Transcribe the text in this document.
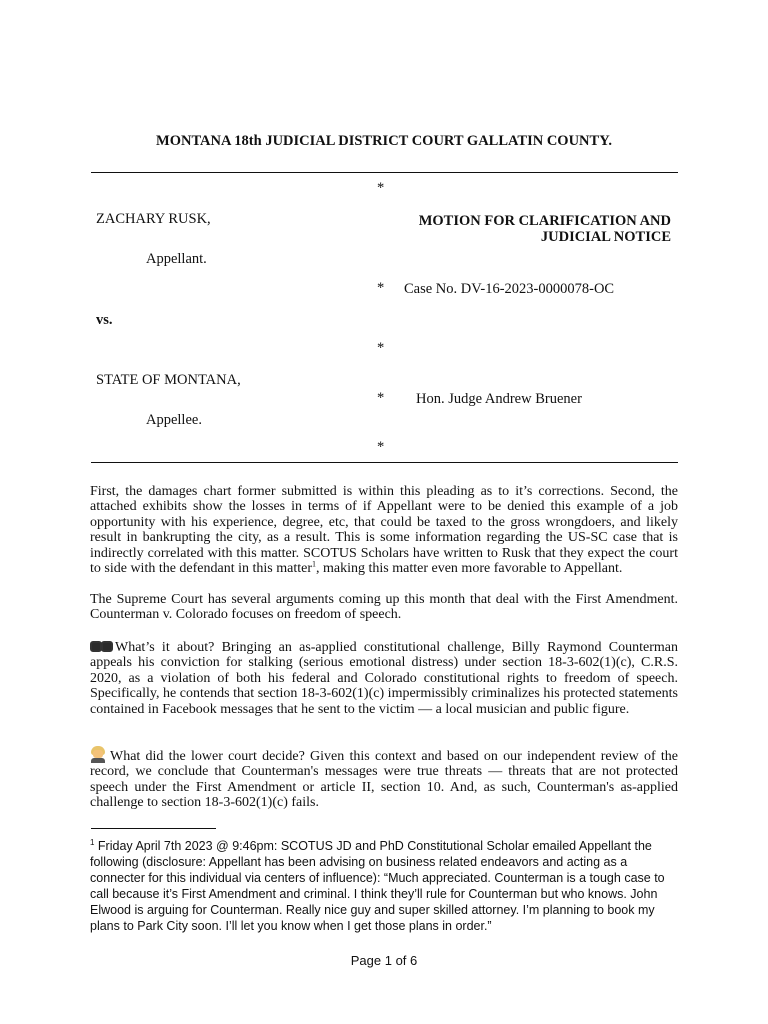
MONTANA 18th JUDICIAL DISTRICT COURT GALLATIN COUNTY.
*
ZACHARY RUSK,	MOTION FOR CLARIFICATION AND JUDICIAL NOTICE
Appellant.
* Case No. DV-16-2023-0000078-OC
vs.
*
STATE OF MONTANA,
* Hon. Judge Andrew Bruener
Appellee.
*
First, the damages chart former submitted is within this pleading as to it’s corrections. Second, the attached exhibits show the losses in terms of if Appellant were to be denied this example of a job opportunity with his experience, degree, etc, that could be taxed to the gross wrongdoers, and likely result in bankrupting the city, as a result. This is some information regarding the US-SC case that is indirectly correlated with this matter. SCOTUS Scholars have written to Rusk that they expect the court to side with the defendant in this matter$^1$, making this matter even more favorable to Appellant.
The Supreme Court has several arguments coming up this month that deal with the First Amendment. Counterman v. Colorado focuses on freedom of speech.
What’s it about? Bringing an as-applied constitutional challenge, Billy Raymond Counterman appeals his conviction for stalking (serious emotional distress) under section 18-3-602(1)(c), C.R.S. 2020, as a violation of both his federal and Colorado constitutional rights to freedom of speech. Specifically, he contends that section 18-3-602(1)(c) impermissibly criminalizes his protected statements contained in Facebook messages that he sent to the victim — a local musician and public figure.
What did the lower court decide? Given this context and based on our independent review of the record, we conclude that Counterman's messages were true threats — threats that are not protected speech under the First Amendment or article II, section 10. And, as such, Counterman's as-applied challenge to section 18-3-602(1)(c) fails.
$^1$ Friday April 7th 2023 @ 9:46pm: SCOTUS JD and PhD Constitutional Scholar emailed Appellant the following (disclosure: Appellant has been advising on business related endeavors and acting as a connecter for this individual via centers of influence): “Much appreciated. Counterman is a tough case to call because it’s First Amendment and criminal. I think they’ll rule for Counterman but who knows. John Elwood is arguing for Counterman. Really nice guy and super skilled attorney. I’m planning to book my plans to Park City soon. I’ll let you know when I get those plans in order.”
Page 1 of 6
